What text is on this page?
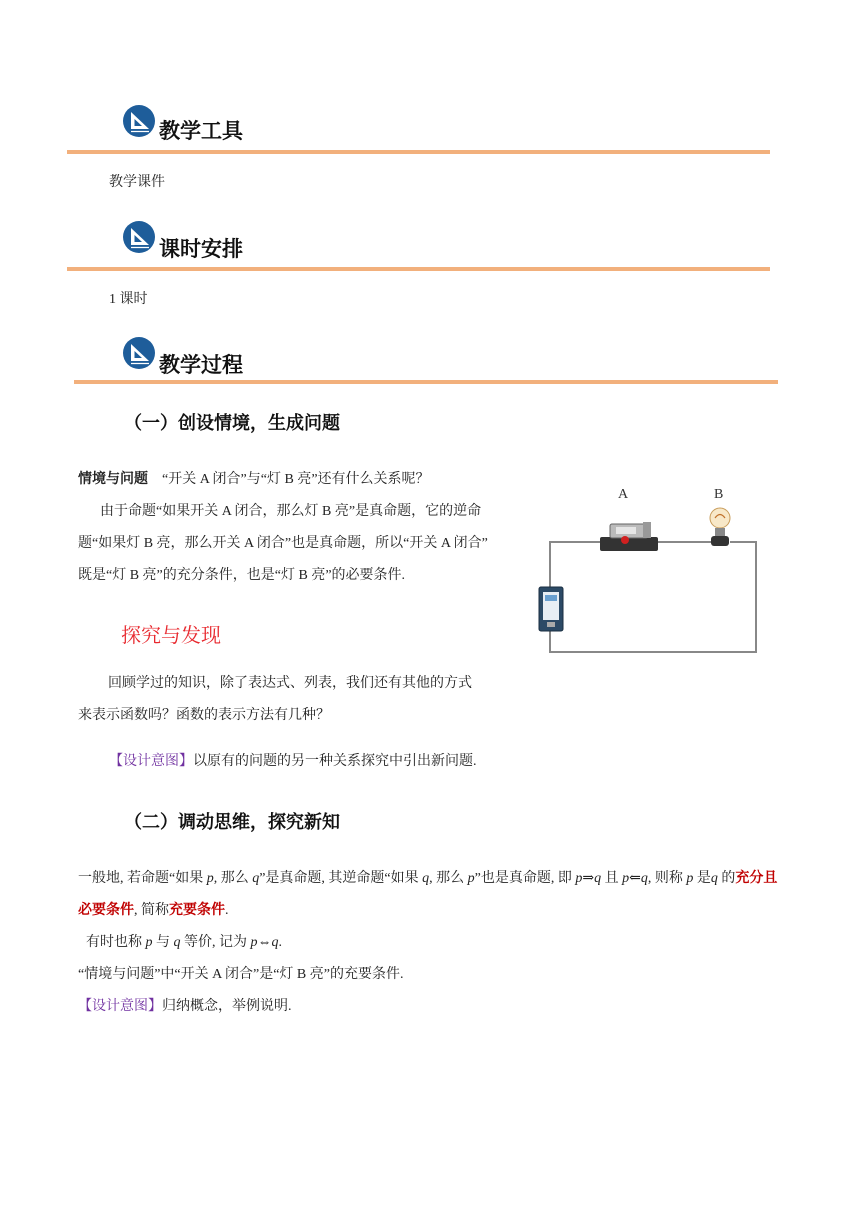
教学工具
教学课件
课时安排
1 课时
教学过程
（一）创设情境，生成问题
情境与问题 “开关 A 闭合”与“灯 B 亮”还有什么关系呢？
由于命题“如果开关 A 闭合，那么灯 B 亮”是真命题，它的逆命
题“如果灯 B 亮，那么开关 A 闭合”也是真命题，所以“开关 A 闭合”
既是“灯 B 亮”的充分条件，也是“灯 B 亮”的必要条件.
探究与发现
回顾学过的知识，除了表达式、列表，我们还有其他的方式
来表示函数吗？函数的表示方法有几种？
【设计意图】以原有的问题的另一种关系探究中引出新问题.
A	B
（二）调动思维，探究新知
一般地, 若命题“如果 p, 那么 q”是真命题, 其逆命题“如果 q, 那么 p”也是真命题, 即 p⇒q 且 p⇐q, 则称 p 是q 的充分且必要条件, 简称充要条件.
有时也称 p 与 q 等价, 记为 p⇔q.
“情境与问题”中“开关 A 闭合”是“灯 B 亮”的充要条件.
【设计意图】归纳概念，举例说明.
